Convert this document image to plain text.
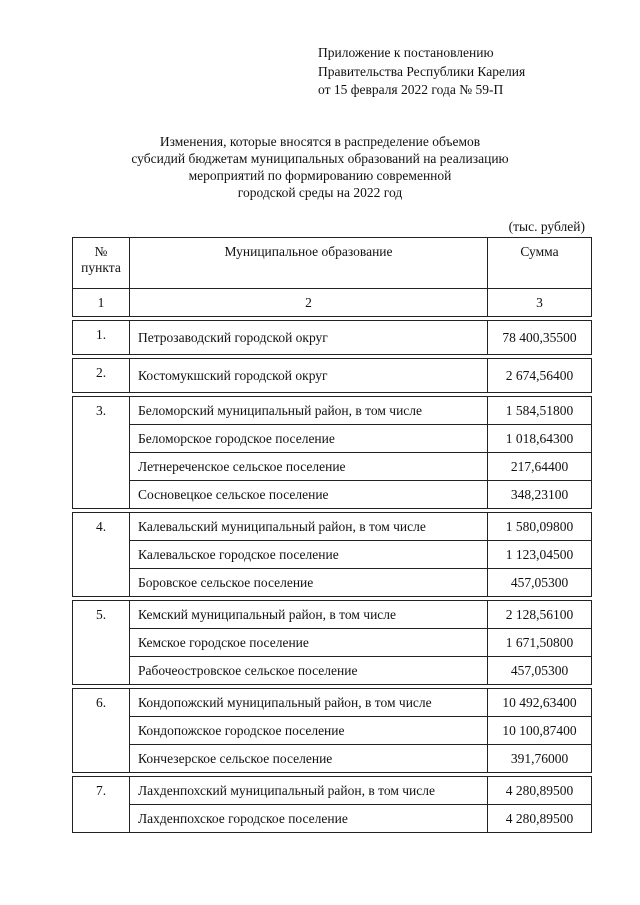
Приложение к постановлению
Правительства Республики Карелия
от 15 февраля 2022 года № 59-П
Изменения, которые вносятся в распределение объемов
субсидий бюджетам муниципальных образований на реализацию
мероприятий по формированию современной
городской среды на 2022 год
(тыс. рублей)
№
пункта	Муниципальное образование	Сумма
1	2	3

1.	Петрозаводский городской округ	78 400,35500

2.	Костомукшский городской округ	2 674,56400

3.	Беломорский муниципальный район, в том числе	1 584,51800
	Беломорское городское поселение	1 018,64300
	Летнереченское сельское поселение	217,64400
	Сосновецкое сельское поселение	348,23100

4.	Калевальский муниципальный район, в том числе	1 580,09800
	Калевальское городское поселение	1 123,04500
	Боровское сельское поселение	457,05300

5.	Кемский муниципальный район, в том числе	2 128,56100
	Кемское городское поселение	1 671,50800
	Рабочеостровское сельское поселение	457,05300

6.	Кондопожский муниципальный район, в том числе	10 492,63400
	Кондопожское городское поселение	10 100,87400
	Кончезерское сельское поселение	391,76000

7.	Лахденпохский муниципальный район, в том числе	4 280,89500
	Лахденпохское городское поселение	4 280,89500
